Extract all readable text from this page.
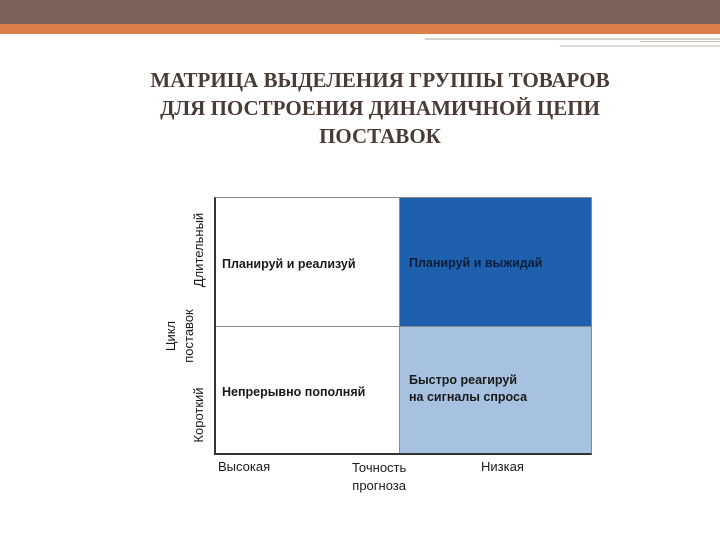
МАТРИЦА ВЫДЕЛЕНИЯ ГРУППЫ ТОВАРОВ
ДЛЯ ПОСТРОЕНИЯ ДИНАМИЧНОЙ ЦЕПИ
ПОСТАВОК
Планируй и реализуй	Планируй и выжидай
Непрерывно пополняй
Быстро реагируй
на сигналы спроса
Высокая	Точность
прогноза
Низкая
Длительный
Цикл поставок
Короткий
